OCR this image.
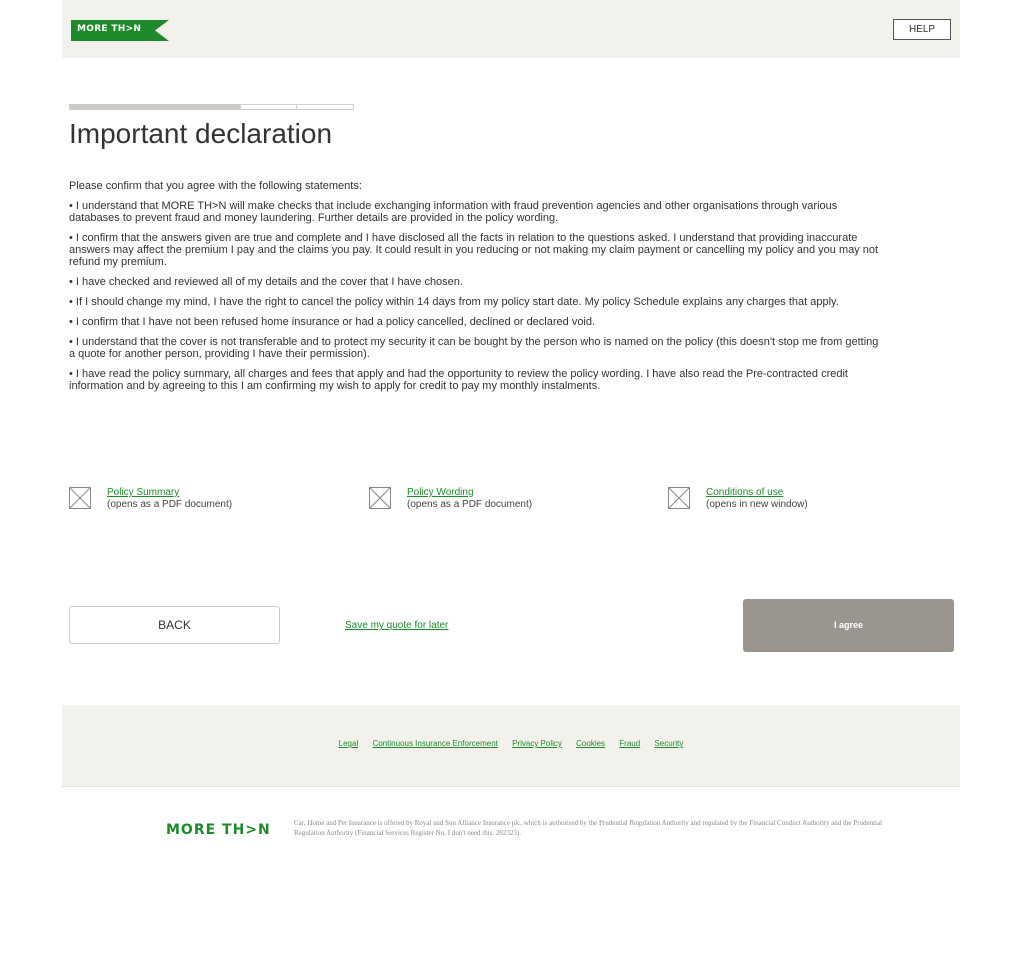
MORE TH>N	HELP
Important declaration

Please confirm that you agree with the following statements:

• I understand that MORE TH>N will make checks that include exchanging information with fraud prevention agencies and other organisations through various databases to prevent fraud and money laundering. Further details are provided in the policy wording.

• I confirm that the answers given are true and complete and I have disclosed all the facts in relation to the questions asked. I understand that providing inaccurate answers may affect the premium I pay and the claims you pay. It could result in you reducing or not making my claim payment or cancelling my policy and you may not refund my premium.

• I have checked and reviewed all of my details and the cover that I have chosen.

• If I should change my mind, I have the right to cancel the policy within 14 days from my policy start date. My policy Schedule explains any charges that apply.

• I confirm that I have not been refused home insurance or had a policy cancelled, declined or declared void.

• I understand that the cover is not transferable and to protect my security it can be bought by the person who is named on the policy (this doesn't stop me from getting a quote for another person, providing I have their permission).

• I have read the policy summary, all charges and fees that apply and had the opportunity to review the policy wording. I have also read the Pre-contracted credit information and by agreeing to this I am confirming my wish to apply for credit to pay my monthly instalments.

Policy Summary
(opens as a PDF document)
Policy Wording
(opens as a PDF document)
Conditions of use
(opens in new window)
BACK	Save my quote for later	I agree
Legal Continuous Insurance Enforcement Privacy Policy Cookies Fraud Security
MORE TH>N	Car, Home and Pet Insurance is offered by Royal and Sun Alliance Insurance plc, which is authorised by the Prudential Regulation Authority and regulated by the Financial Conduct Authority and the Prudential Regulation Authority (Financial Services Register No, I don't need this. 202323).
